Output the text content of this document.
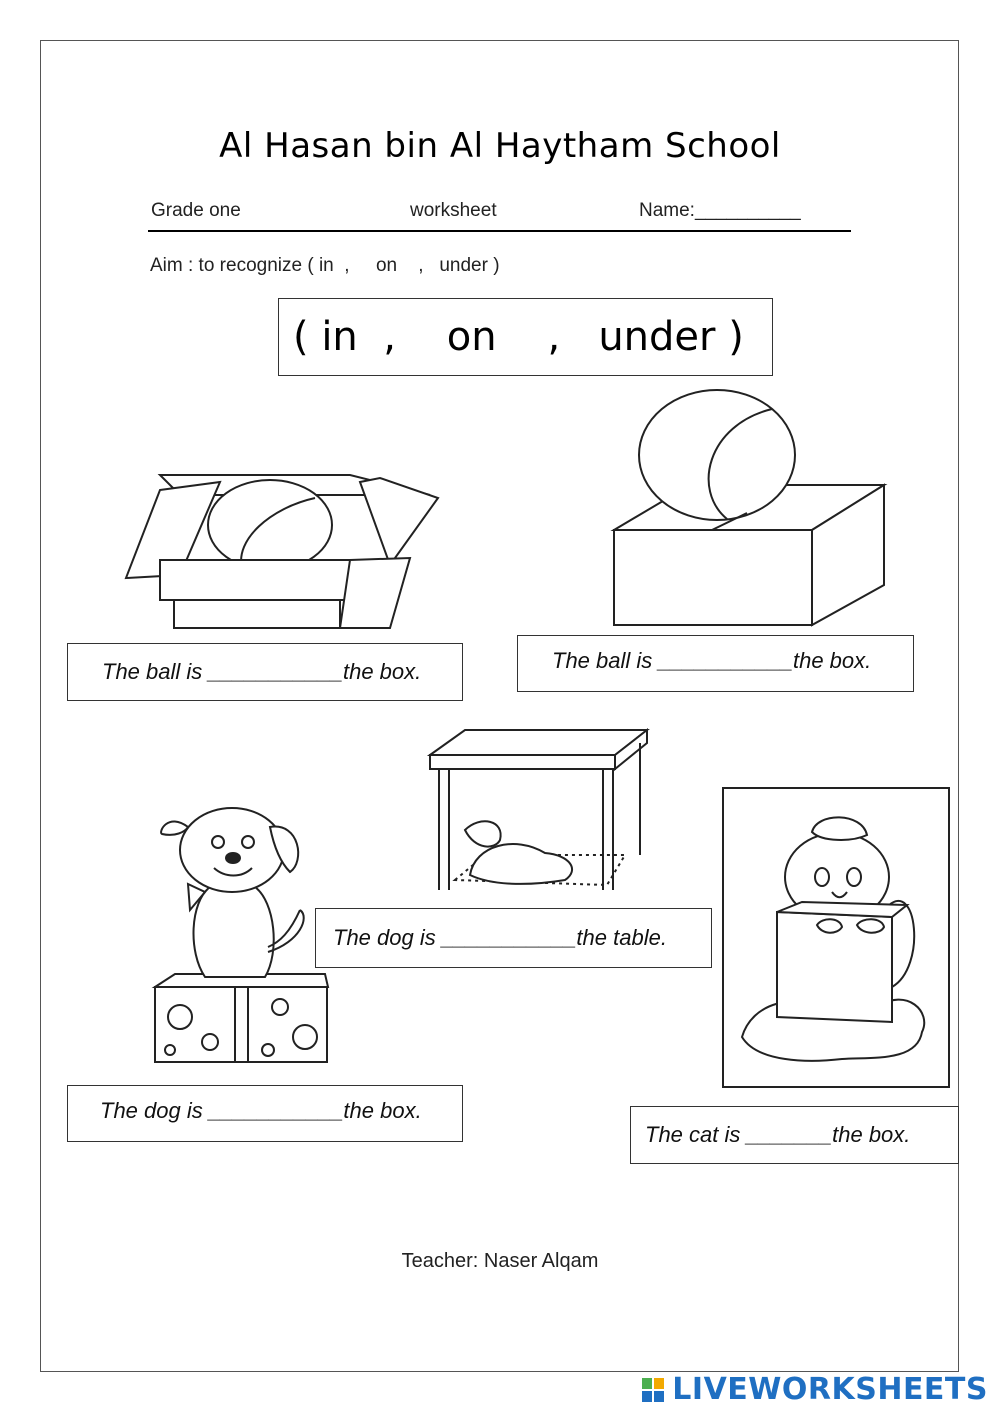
Al Hasan bin Al Haytham School
Grade one	worksheet	Name:__________
Aim : to recognize ( in  ,     on    ,   under )
( in  ,    on    ,   under )
The ball is ___________the box.	The ball is ___________the box.
The dog is ___________the table.
The dog is ___________the box.
The cat is _______the box.
Teacher: Naser Alqam
LIVEWORKSHEETS
